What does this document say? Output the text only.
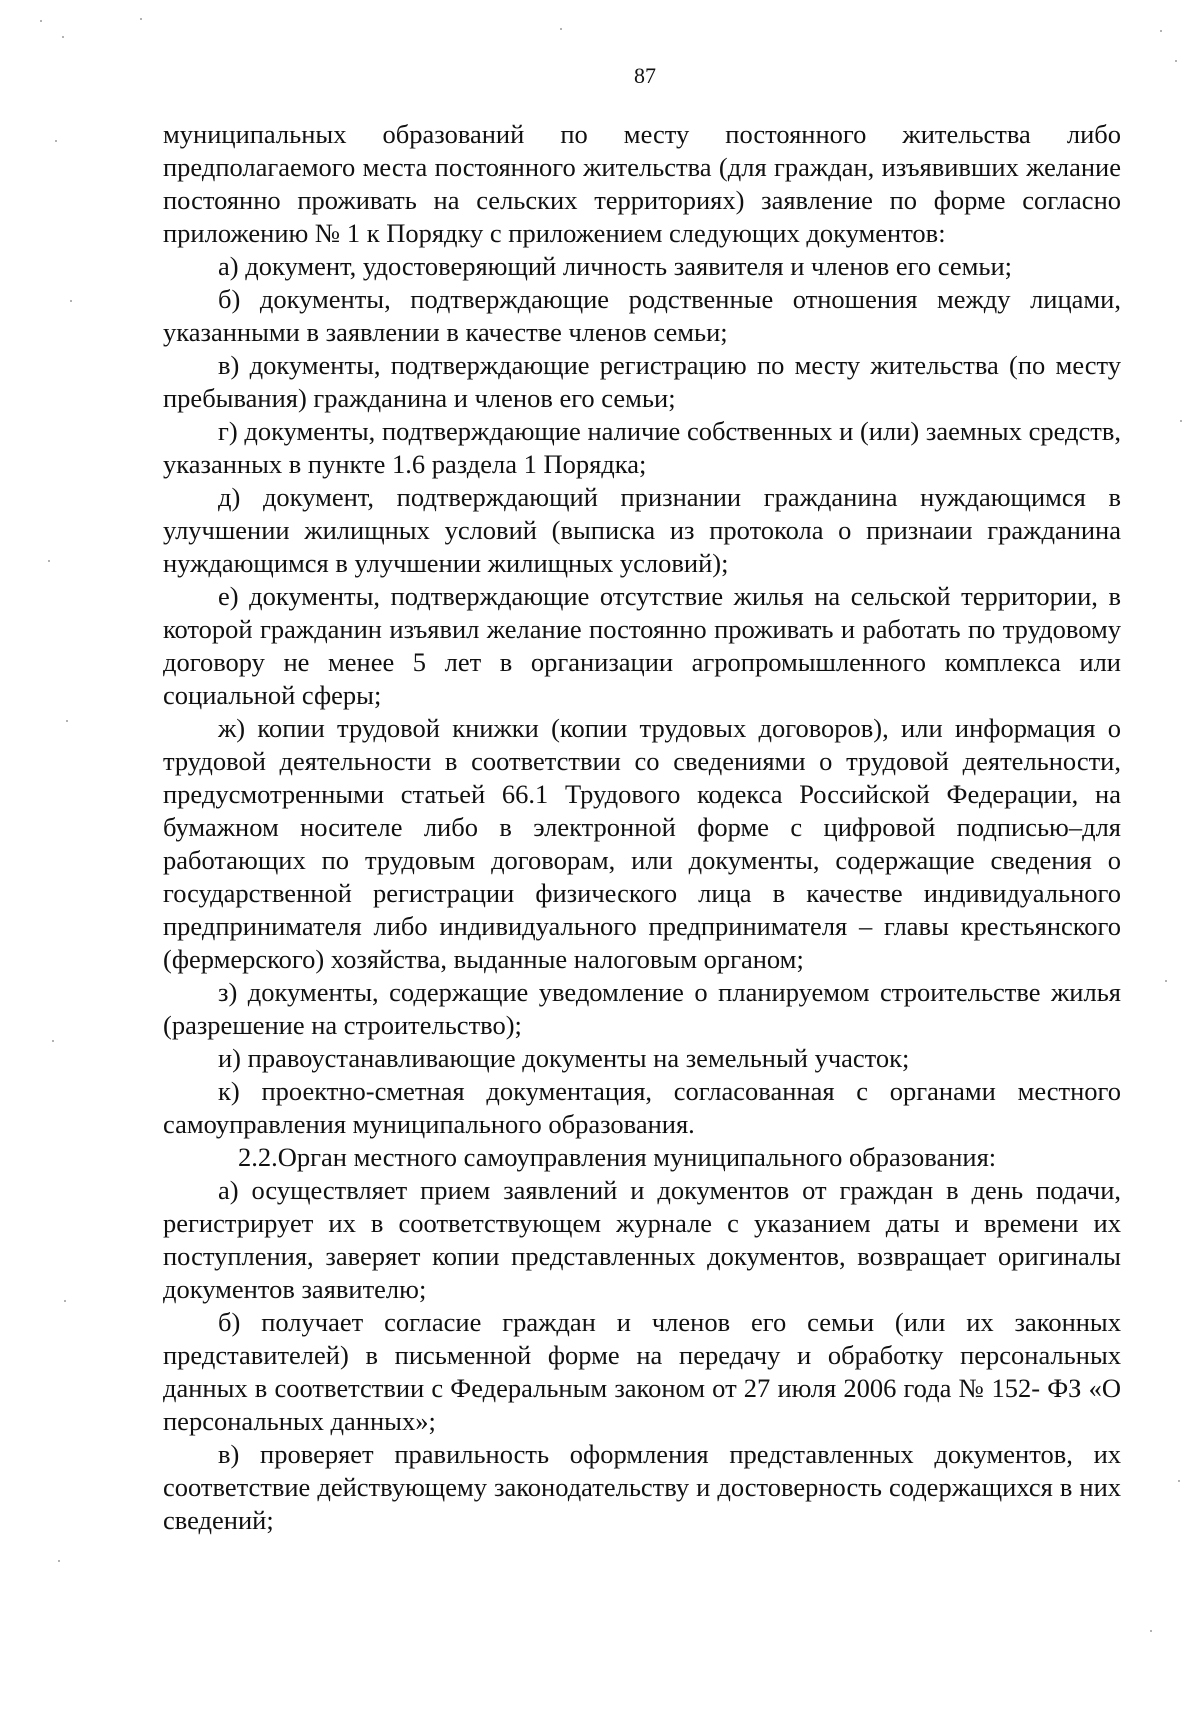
87

муниципальных образований по месту постоянного жительства либо предполагаемого места постоянного жительства (для граждан, изъявивших желание постоянно проживать на сельских территориях) заявление по форме согласно приложению № 1 к Порядку с приложением следующих документов:

а) документ, удостоверяющий личность заявителя и членов его семьи;

б) документы, подтверждающие родственные отношения между лицами, указанными в заявлении в качестве членов семьи;

в) документы, подтверждающие регистрацию по месту жительства (по месту пребывания) гражданина и членов его семьи;

г) документы, подтверждающие наличие собственных и (или) заемных средств, указанных в пункте 1.6 раздела 1 Порядка;

д) документ, подтверждающий признании гражданина нуждающимся в улучшении жилищных условий (выписка из протокола о признаии гражданина нуждающимся в улучшении жилищных условий);

е) документы, подтверждающие отсутствие жилья на сельской территории, в которой гражданин изъявил желание постоянно проживать и работать по трудовому договору не менее 5 лет в организации агропромышленного комплекса или социальной сферы;

ж) копии трудовой книжки (копии трудовых договоров), или информация о трудовой деятельности в соответствии со сведениями о трудовой деятельности, предусмотренными статьей 66.1 Трудового кодекса Российской Федерации, на бумажном носителе либо в электронной форме с цифровой подписью–для работающих по трудовым договорам, или документы, содержащие сведения о государственной регистрации физического лица в качестве индивидуального предпринимателя либо индивидуального предпринимателя – главы крестьянского (фермерского) хозяйства, выданные налоговым органом;

з) документы, содержащие уведомление о планируемом строительстве жилья (разрешение на строительство);

и) правоустанавливающие документы на земельный участок;

к) проектно-сметная документация, согласованная с органами местного самоуправления муниципального образования.

2.2.Орган местного самоуправления муниципального образования:

а) осуществляет прием заявлений и документов от граждан в день подачи, регистрирует их в соответствующем журнале с указанием даты и времени их поступления, заверяет копии представленных документов, возвращает оригиналы документов заявителю;

б) получает согласие граждан и членов его семьи (или их законных представителей) в письменной форме на передачу и обработку персональных данных в соответствии с Федеральным законом от 27 июля 2006 года № 152- ФЗ «О персональных данных»;

в) проверяет правильность оформления представленных документов, их соответствие действующему законодательству и достоверность содержащихся в них сведений;
